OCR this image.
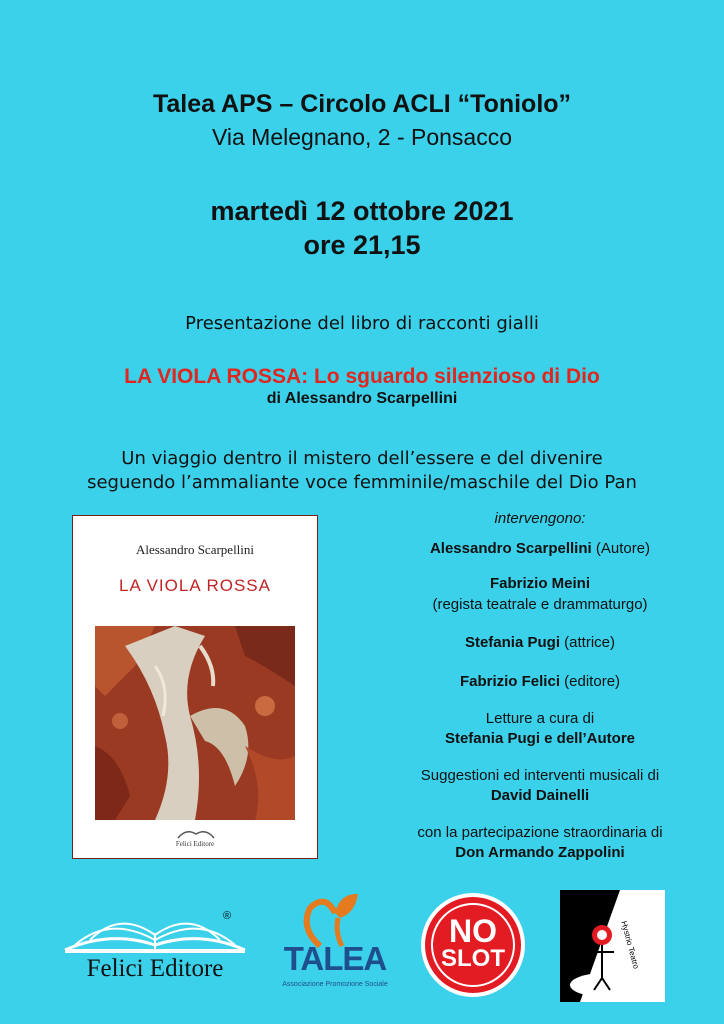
Talea APS – Circolo ACLI “Toniolo”
Via Melegnano, 2 - Ponsacco
martedì 12 ottobre 2021
ore 21,15
Presentazione del libro di racconti gialli
LA VIOLA ROSSA: Lo sguardo silenzioso di Dio
di Alessandro Scarpellini
Un viaggio dentro il mistero dell’essere e del divenire
seguendo l’ammaliante voce femminile/maschile del Dio Pan
Alessandro Scarpellini
LA VIOLA ROSSA
Felici Editore
intervengono:
Alessandro Scarpellini (Autore)
Fabrizio Meini
(regista teatrale e drammaturgo)
Stefania Pugi (attrice)
Fabrizio Felici (editore)
Letture a cura di
Stefania Pugi e dell’Autore
Suggestioni ed interventi musicali di
David Dainelli
con la partecipazione straordinaria di
Don Armando Zappolini
®
Felici Editore	TALEA
Associazione Promozione Sociale
NO
SLOT	Hystrio Teatro
